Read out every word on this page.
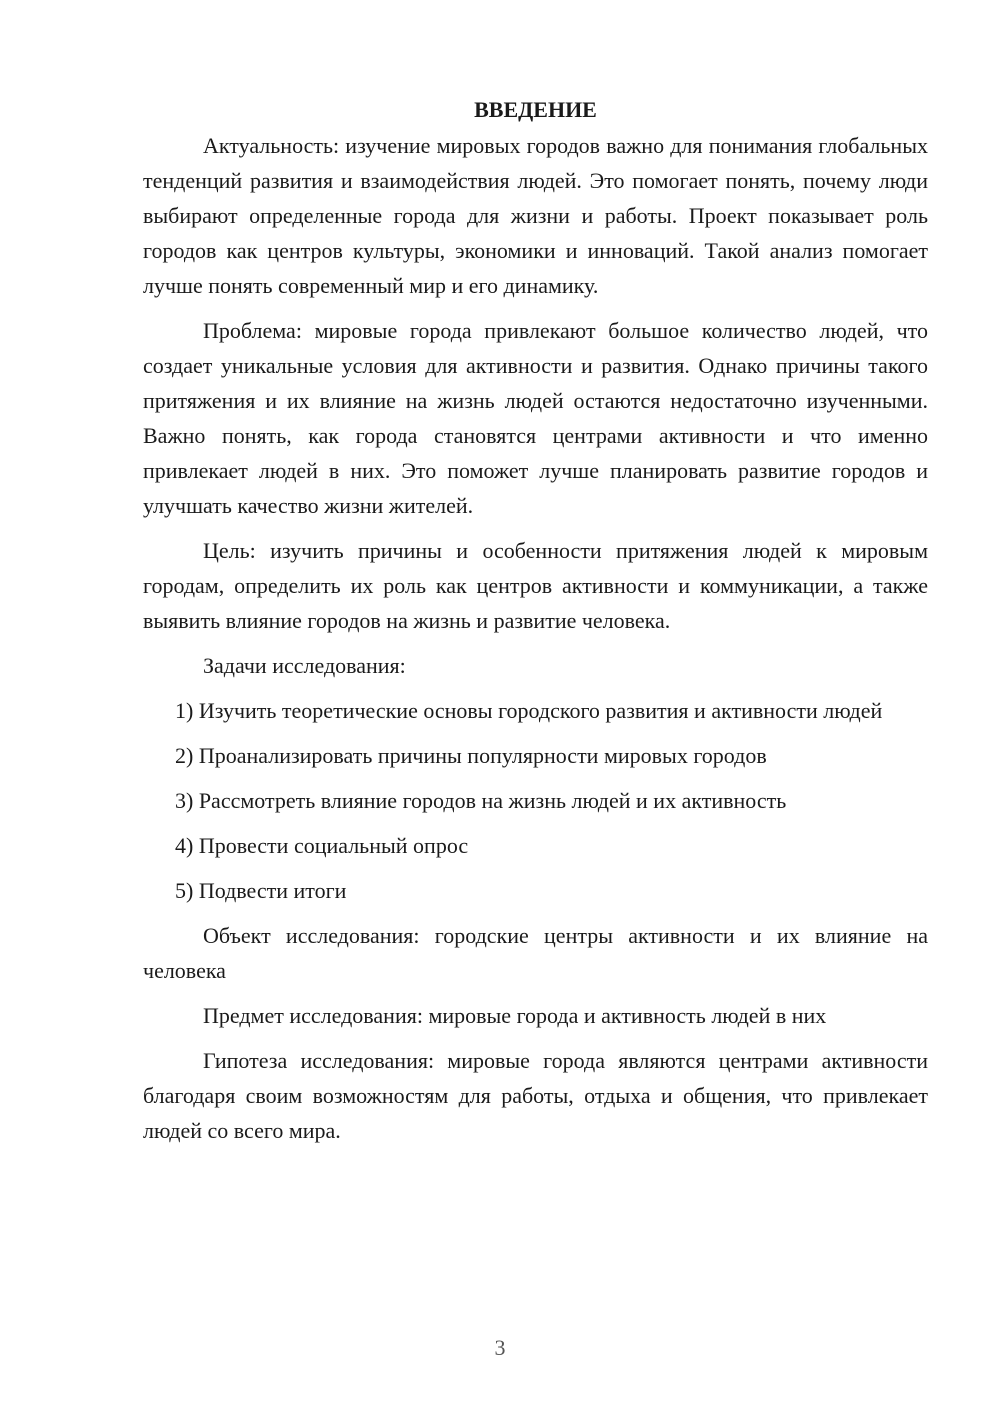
ВВЕДЕНИЕ

Актуальность: изучение мировых городов важно для понимания глобальных тенденций развития и взаимодействия людей. Это помогает понять, почему люди выбирают определенные города для жизни и работы. Проект показывает роль городов как центров культуры, экономики и инноваций. Такой анализ помогает лучше понять современный мир и его динамику.

Проблема: мировые города привлекают большое количество людей, что создает уникальные условия для активности и развития. Однако причины такого притяжения и их влияние на жизнь людей остаются недостаточно изученными. Важно понять, как города становятся центрами активности и что именно привлекает людей в них. Это поможет лучше планировать развитие городов и улучшать качество жизни жителей.

Цель: изучить причины и особенности притяжения людей к мировым городам, определить их роль как центров активности и коммуникации, а также выявить влияние городов на жизнь и развитие человека.

Задачи исследования:

1) Изучить теоретические основы городского развития и активности людей

2) Проанализировать причины популярности мировых городов

3) Рассмотреть влияние городов на жизнь людей и их активность

4) Провести социальный опрос

5) Подвести итоги

Объект исследования: городские центры активности и их влияние на человека

Предмет исследования: мировые города и активность людей в них

Гипотеза исследования: мировые города являются центрами активности благодаря своим возможностям для работы, отдыха и общения, что привлекает людей со всего мира.

3
